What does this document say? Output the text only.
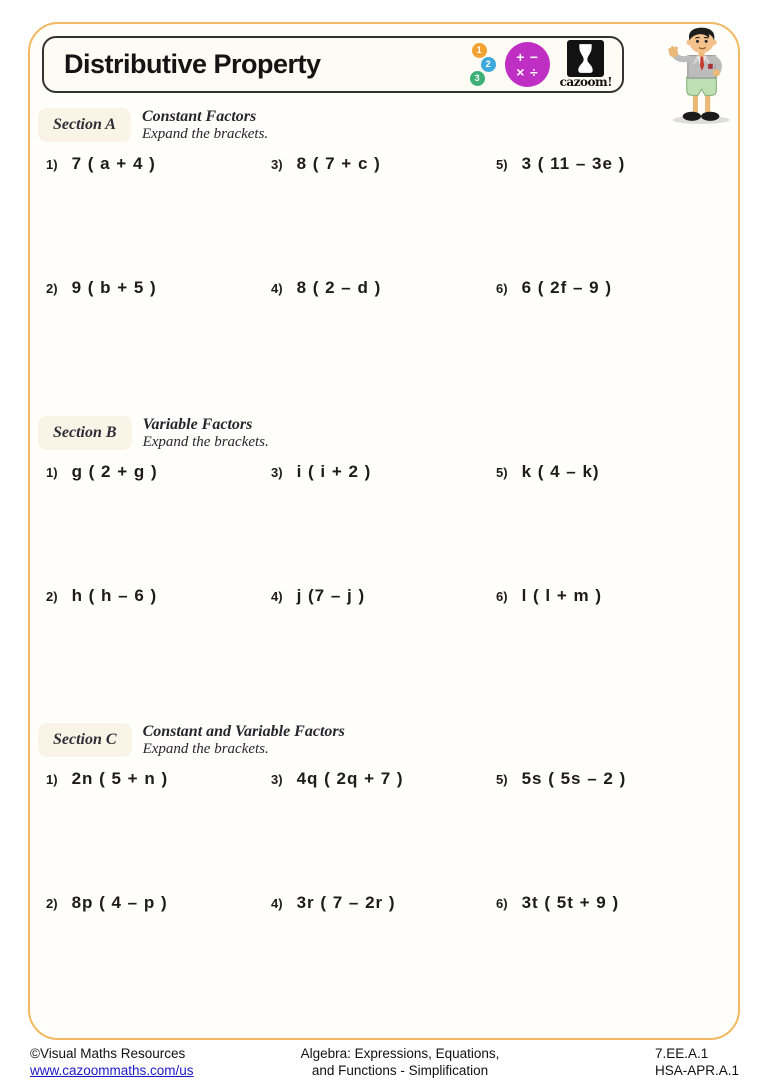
Distributive Property	1
2
3
+ −
× ÷
cazoom!
Section A	Constant Factors
Expand the brackets.
1) 7 ( a + 4 )	3) 8 ( 7 + c )	5) 3 ( 11 – 3e )
2) 9 ( b + 5 )	4) 8 ( 2 – d )	6) 6 ( 2f – 9 )
Section B	Variable Factors
Expand the brackets.
1) g ( 2 + g )	3) i ( i + 2 )	5) k ( 4 – k)
2) h ( h – 6 )	4) j (7 – j )	6) l ( l + m )
Section C	Constant and Variable Factors
Expand the brackets.
1) 2n ( 5 + n )	3) 4q ( 2q + 7 )	5) 5s ( 5s – 2 )
2) 8p ( 4 – p )	4) 3r ( 7 – 2r )	6) 3t ( 5t + 9 )
©Visual Maths Resources
www.cazoommaths.com/us
Algebra: Expressions, Equations,
and Functions - Simplification
7.EE.A.1
HSA-APR.A.1
